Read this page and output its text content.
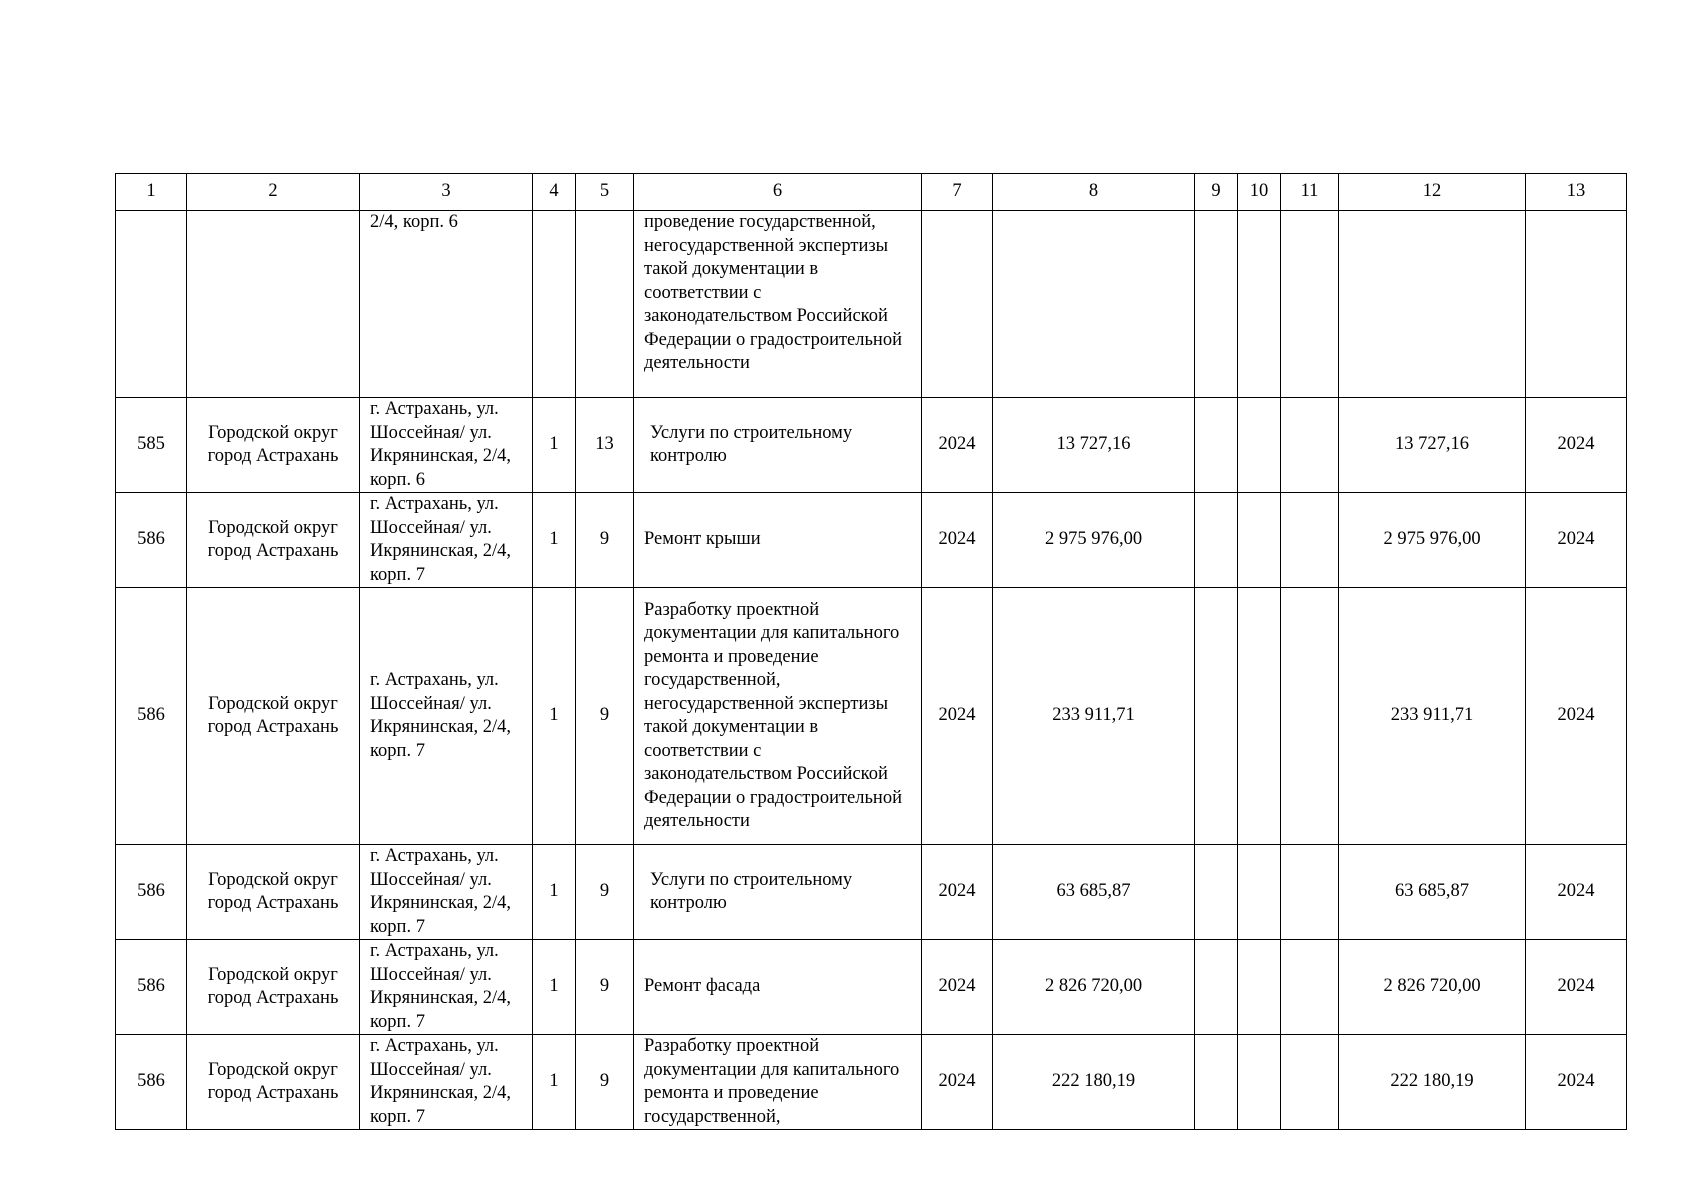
1	2	3	4	5	6	7	8	9	10	11	12	13
		2/4, корп. 6			проведение государственной, негосударственной экспертизы такой документации в соответствии с законодательством Российской Федерации о градостроительной деятельности							
585	Городской округ город Астрахань	г. Астрахань, ул. Шоссейная/ ул. Икрянинская, 2/4, корп. 6	1	13	Услуги по строительному контролю	2024	13 727,16				13 727,16	2024
586	Городской округ город Астрахань	г. Астрахань, ул. Шоссейная/ ул. Икрянинская, 2/4, корп. 7	1	9	Ремонт крыши	2024	2 975 976,00				2 975 976,00	2024
586	Городской округ город Астрахань	г. Астрахань, ул. Шоссейная/ ул. Икрянинская, 2/4, корп. 7	1	9	Разработку проектной документации для капитального ремонта и проведение государственной, негосударственной экспертизы такой документации в соответствии с законодательством Российской Федерации о градостроительной деятельности	2024	233 911,71				233 911,71	2024
586	Городской округ город Астрахань	г. Астрахань, ул. Шоссейная/ ул. Икрянинская, 2/4, корп. 7	1	9	Услуги по строительному контролю	2024	63 685,87				63 685,87	2024
586	Городской округ город Астрахань	г. Астрахань, ул. Шоссейная/ ул. Икрянинская, 2/4, корп. 7	1	9	Ремонт фасада	2024	2 826 720,00				2 826 720,00	2024
586	Городской округ город Астрахань	г. Астрахань, ул. Шоссейная/ ул. Икрянинская, 2/4, корп. 7	1	9	Разработку проектной документации для капитального ремонта и проведение государственной,	2024	222 180,19				222 180,19	2024
